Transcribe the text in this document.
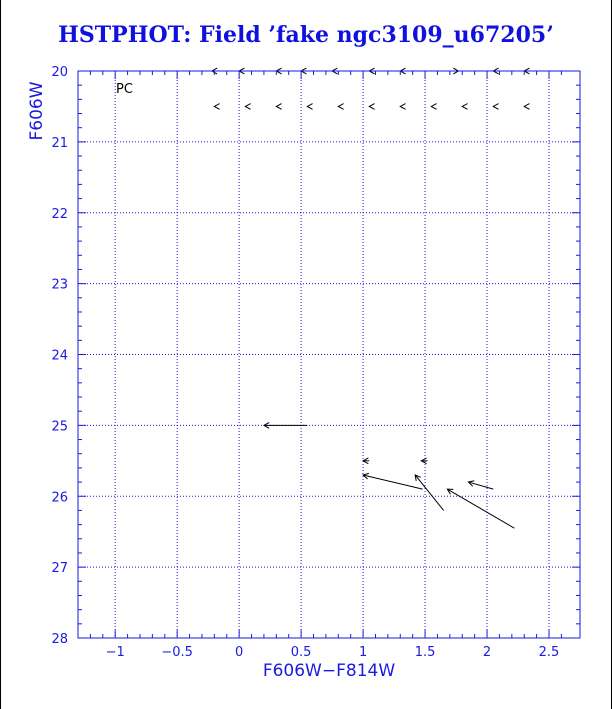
HSTPHOT: Field ’fake ngc3109_u67205’
−1	−0.5	0	0.5	1	1.5	2	2.5
20
21
22
23
24
25
26
27
28
PC
F606W−F814W
F606W
